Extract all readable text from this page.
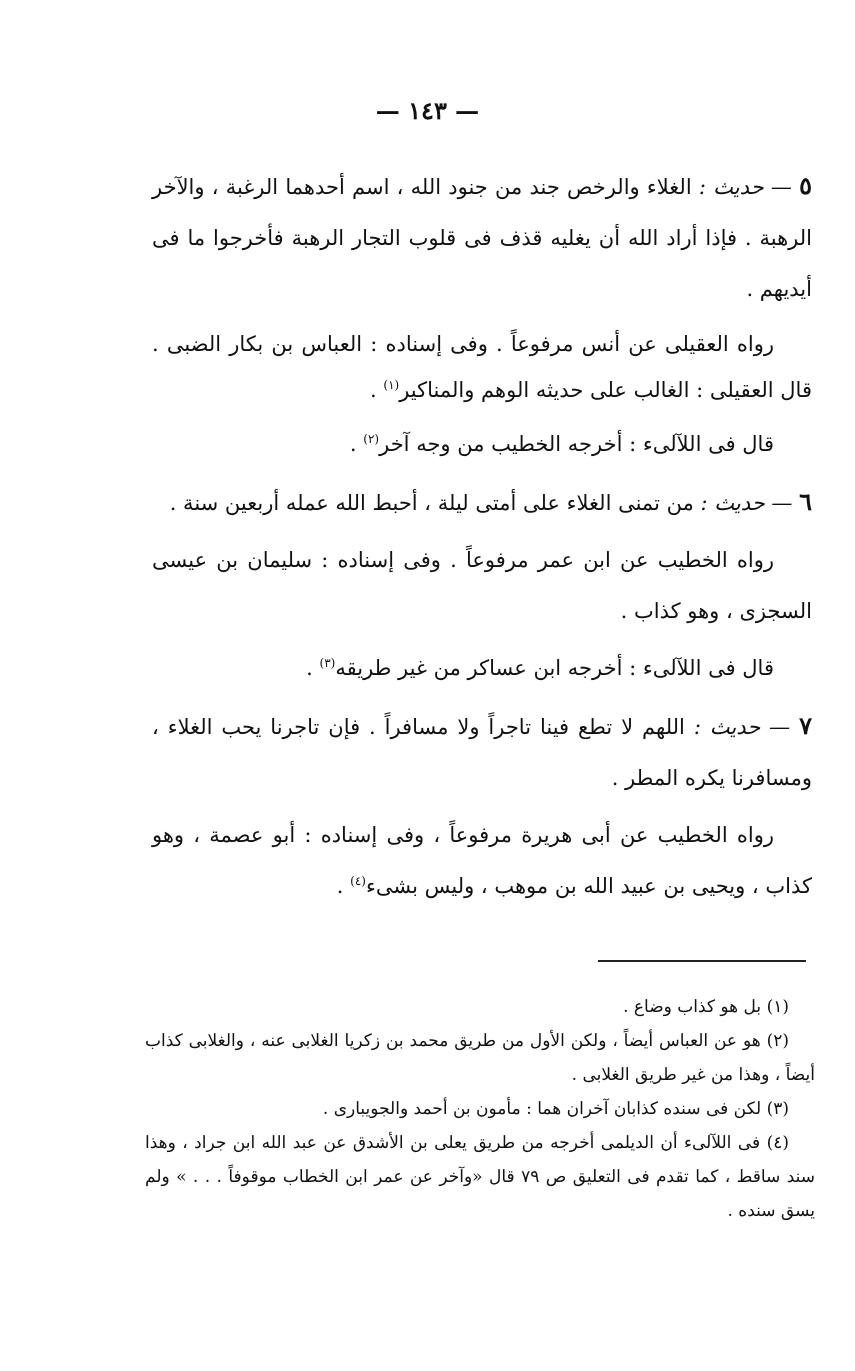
— ١٤٣ —

٥ — حديث : الغلاء والرخص جند من جنود الله ، اسم أحدهما الرغبة ، والآخر الرهبة . فإذا أراد الله أن يغليه قذف فى قلوب التجار الرهبة فأخرجوا ما فى أيديهم .

رواه العقيلى عن أنس مرفوعاً . وفى إسناده : العباس بن بكار الضبى . قال العقيلى : الغالب على حديثه الوهم والمناكير$^{(١)}$ .

قال فى اللآلىء : أخرجه الخطيب من وجه آخر$^{(٢)}$ .

٦ — حديث : من تمنى الغلاء على أمتى ليلة ، أحبط الله عمله أربعين سنة .

رواه الخطيب عن ابن عمر مرفوعاً . وفى إسناده : سليمان بن عيسى السجزى ، وهو كذاب .

قال فى اللآلىء : أخرجه ابن عساكر من غير طريقه$^{(٣)}$ .

٧ — حديث : اللهم لا تطع فينا تاجراً ولا مسافراً . فإن تاجرنا يحب الغلاء ، ومسافرنا يكره المطر .

رواه الخطيب عن أبى هريرة مرفوعاً ، وفى إسناده : أبو عصمة ، وهو كذاب ، ويحيى بن عبيد الله بن موهب ، وليس بشىء$^{(٤)}$ .

(١) بل هو كذاب وضاع .

(٢) هو عن العباس أيضاً ، ولكن الأول من طريق محمد بن زكريا الغلابى عنه ، والغلابى كذاب أيضاً ، وهذا من غير طريق الغلابى .

(٣) لكن فى سنده كذابان آخران هما : مأمون بن أحمد والجويبارى .

(٤) فى اللآلىء أن الديلمى أخرجه من طريق يعلى بن الأشدق عن عبد الله ابن جراد ، وهذا سند ساقط ، كما تقدم فى التعليق ص ٧٩ قال «وآخر عن عمر ابن الخطاب موقوفاً . . . » ولم يسق سنده .
